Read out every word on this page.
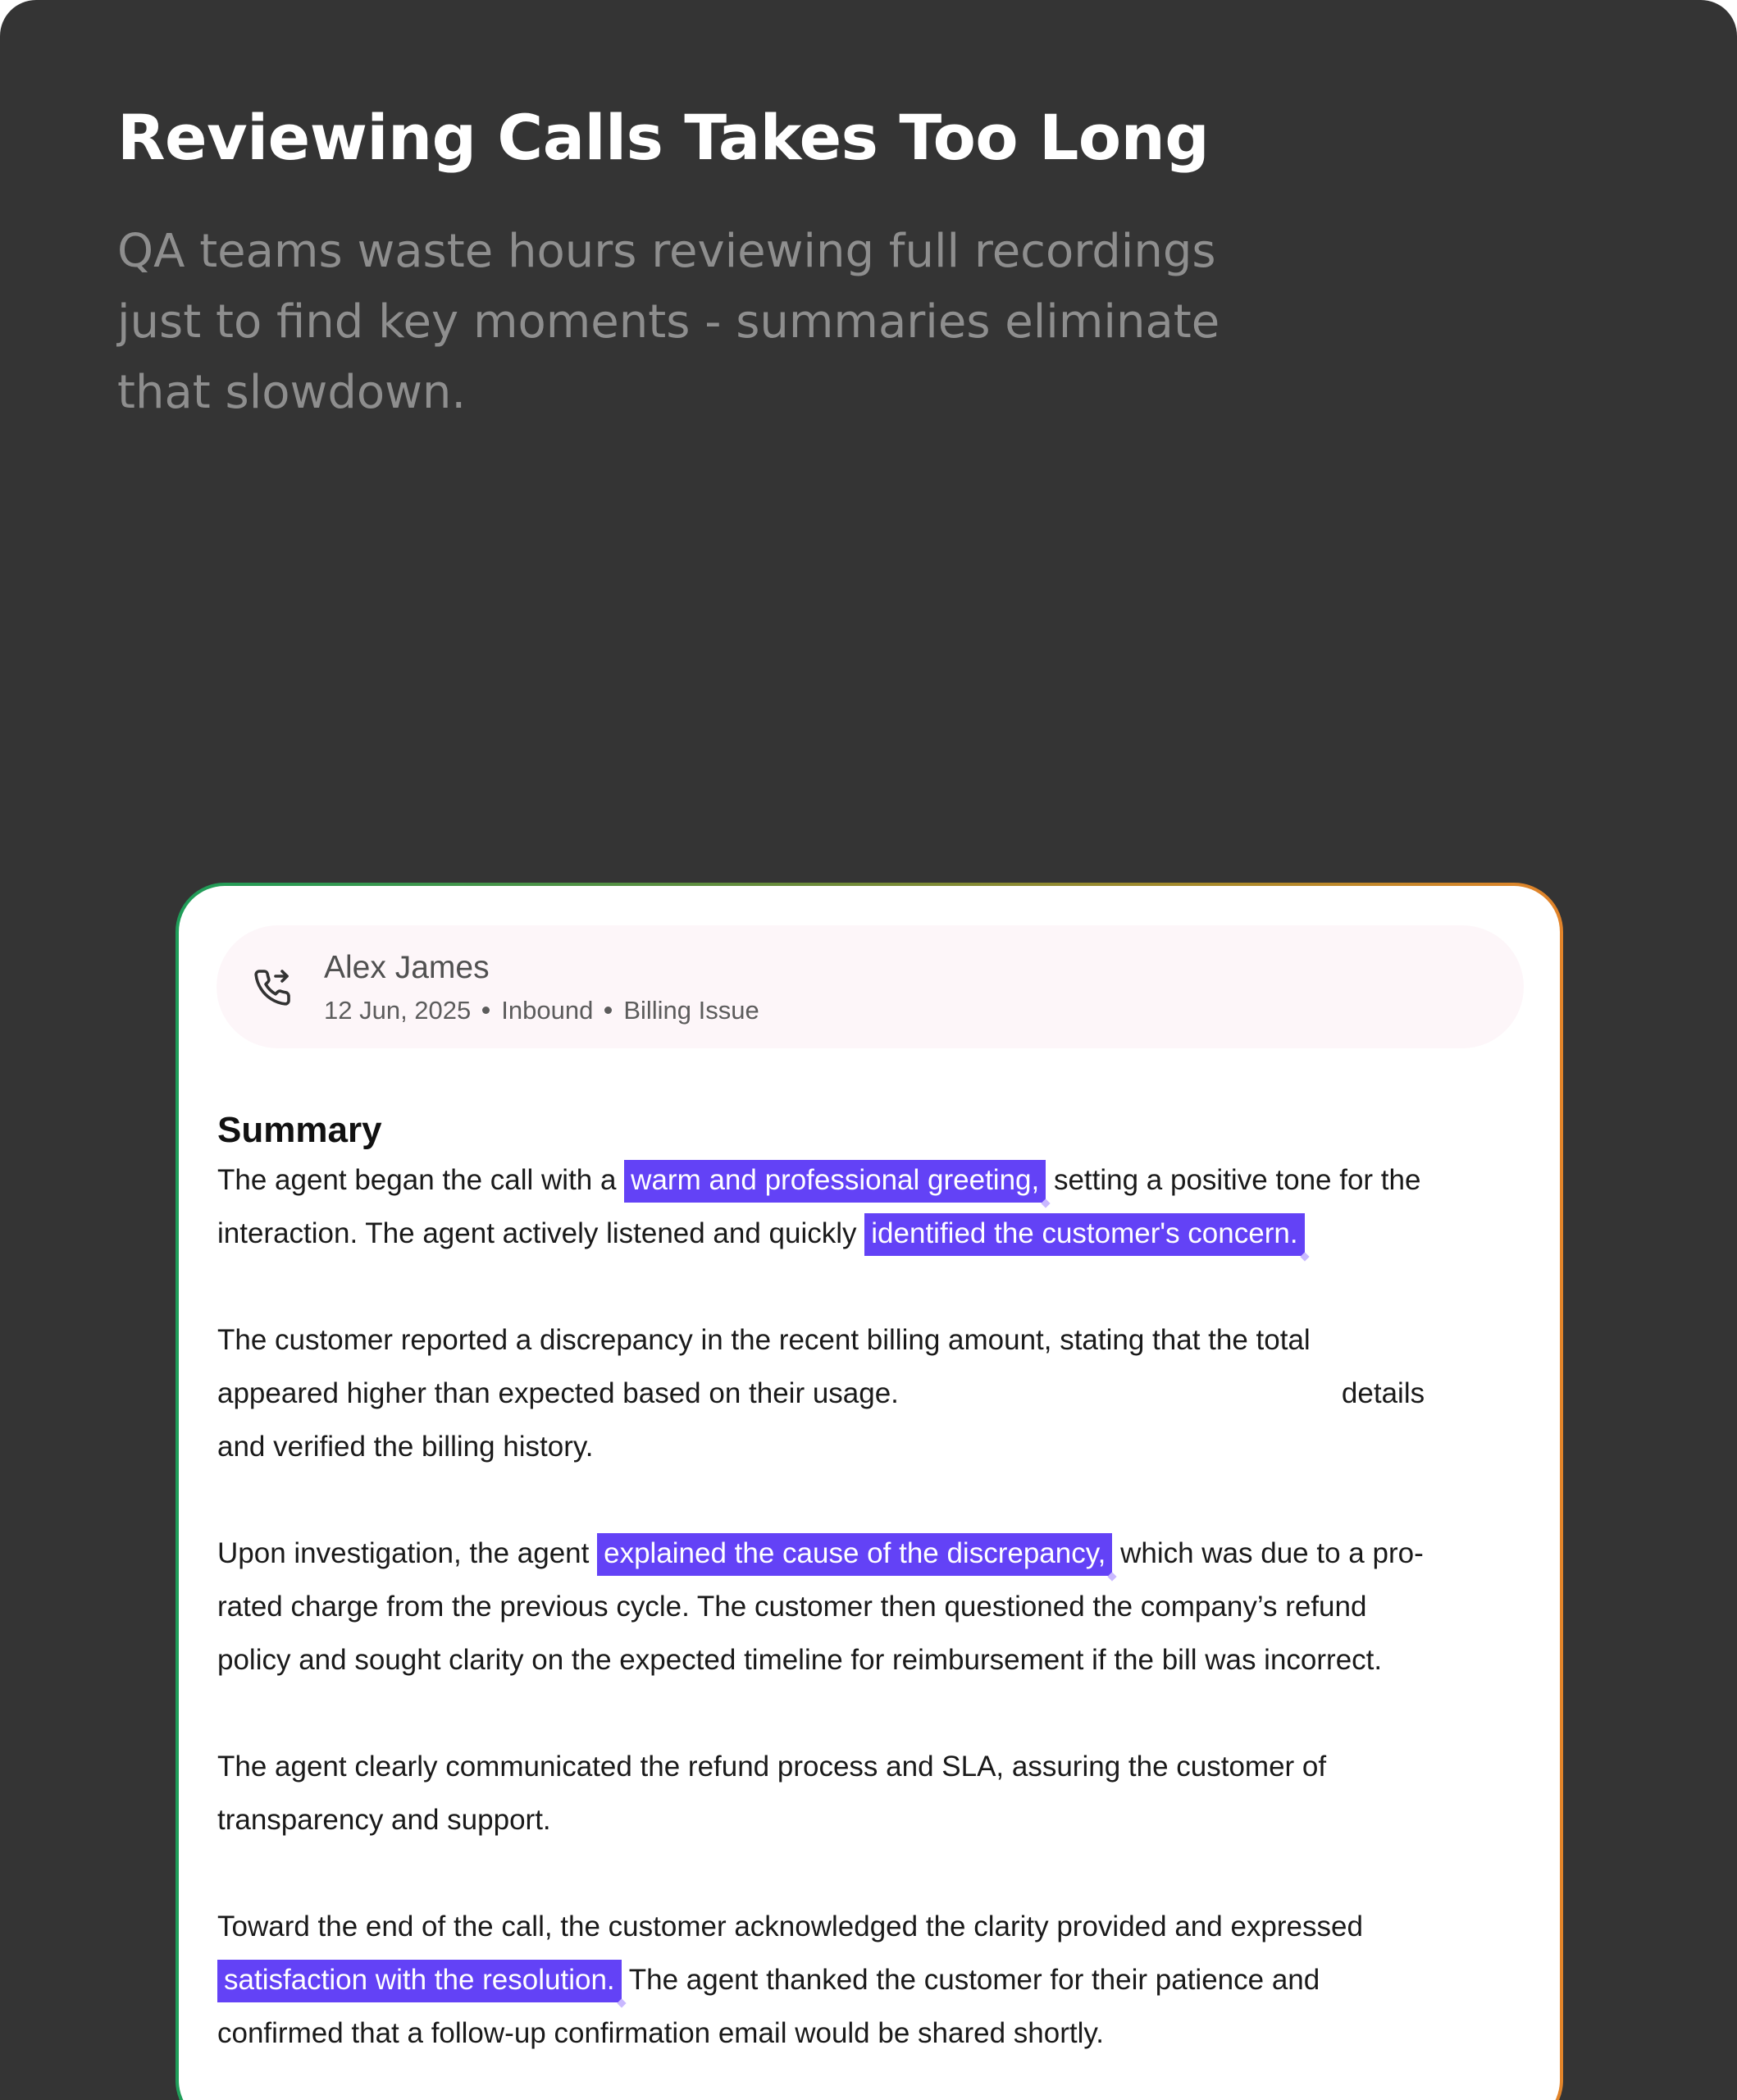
Reviewing Calls Takes Too Long

QA teams waste hours reviewing full recordings just to find key moments - summaries eliminate that slowdown.

Alex James
12 Jun, 2025 Inbound Billing Issue
Summary

The agent began the call with a warm and professional greeting, setting a positive tone for the
interaction. The agent actively listened and quickly identified the customer's concern.

The customer reported a discrepancy in the recent billing amount, stating that the total
appeared higher than expected based on their usage.	details
and verified the billing history.

Upon investigation, the agent explained the cause of the discrepancy, which was due to a pro-
rated charge from the previous cycle. The customer then questioned the company’s refund
policy and sought clarity on the expected timeline for reimbursement if the bill was incorrect.

The agent clearly communicated the refund process and SLA, assuring the customer of
transparency and support.

Toward the end of the call, the customer acknowledged the clarity provided and expressed
satisfaction with the resolution. The agent thanked the customer for their patience and
confirmed that a follow-up confirmation email would be shared shortly.
